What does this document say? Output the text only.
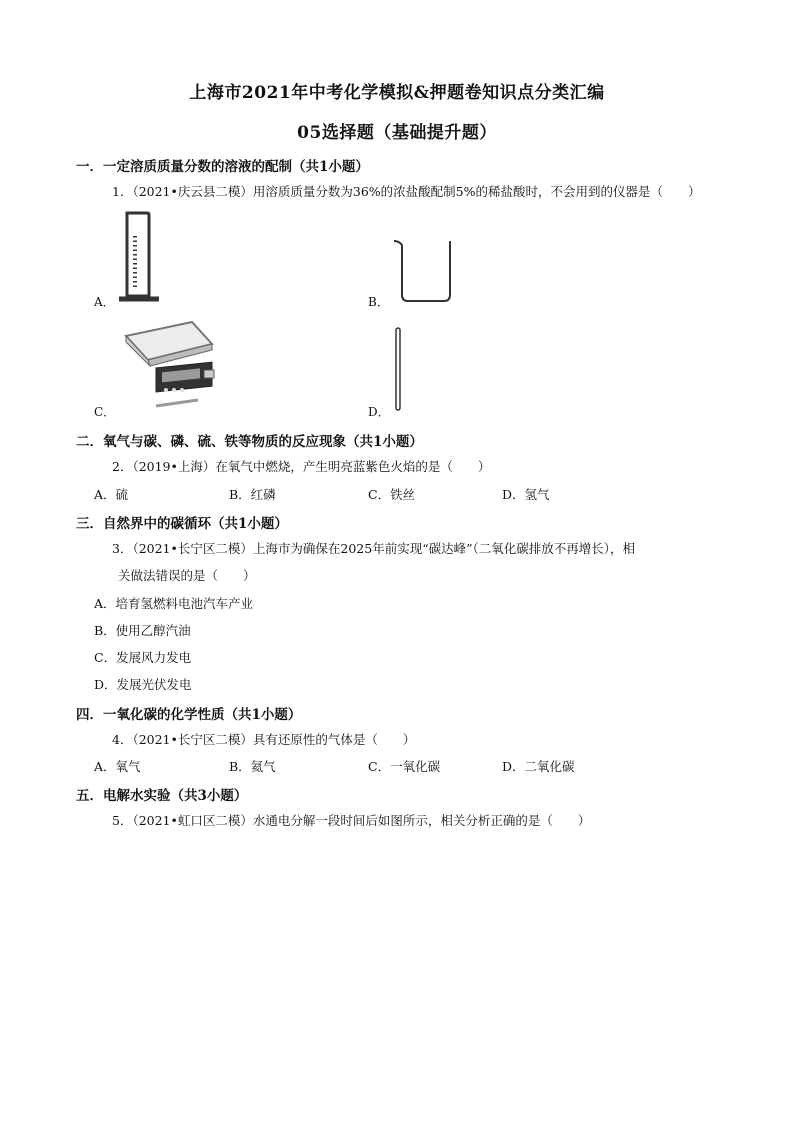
上海市2021年中考化学模拟&押题卷知识点分类汇编
05选择题（基础提升题）
一．一定溶质质量分数的溶液的配制（共1小题）
1．（2021•庆云县二模）用溶质质量分数为36%的浓盐酸配制5%的稀盐酸时，不会用到的仪器是（　　）
A．	B．
C．	D．
二．氧气与碳、磷、硫、铁等物质的反应现象（共1小题）
2．（2019•上海）在氧气中燃烧，产生明亮蓝紫色火焰的是（　　）
A．硫	B．红磷	C．铁丝	D．氢气
三．自然界中的碳循环（共1小题）
3．（2021•长宁区二模）上海市为确保在2025年前实现“碳达峰”（二氧化碳排放不再增长），相
关做法错误的是（　　）
A．培育氢燃料电池汽车产业
B．使用乙醇汽油
C．发展风力发电
D．发展光伏发电
四．一氧化碳的化学性质（共1小题）
4．（2021•长宁区二模）具有还原性的气体是（　　）
A．氧气	B．氦气	C．一氧化碳	D．二氧化碳
五．电解水实验（共3小题）
5．（2021•虹口区二模）水通电分解一段时间后如图所示，相关分析正确的是（　　）
